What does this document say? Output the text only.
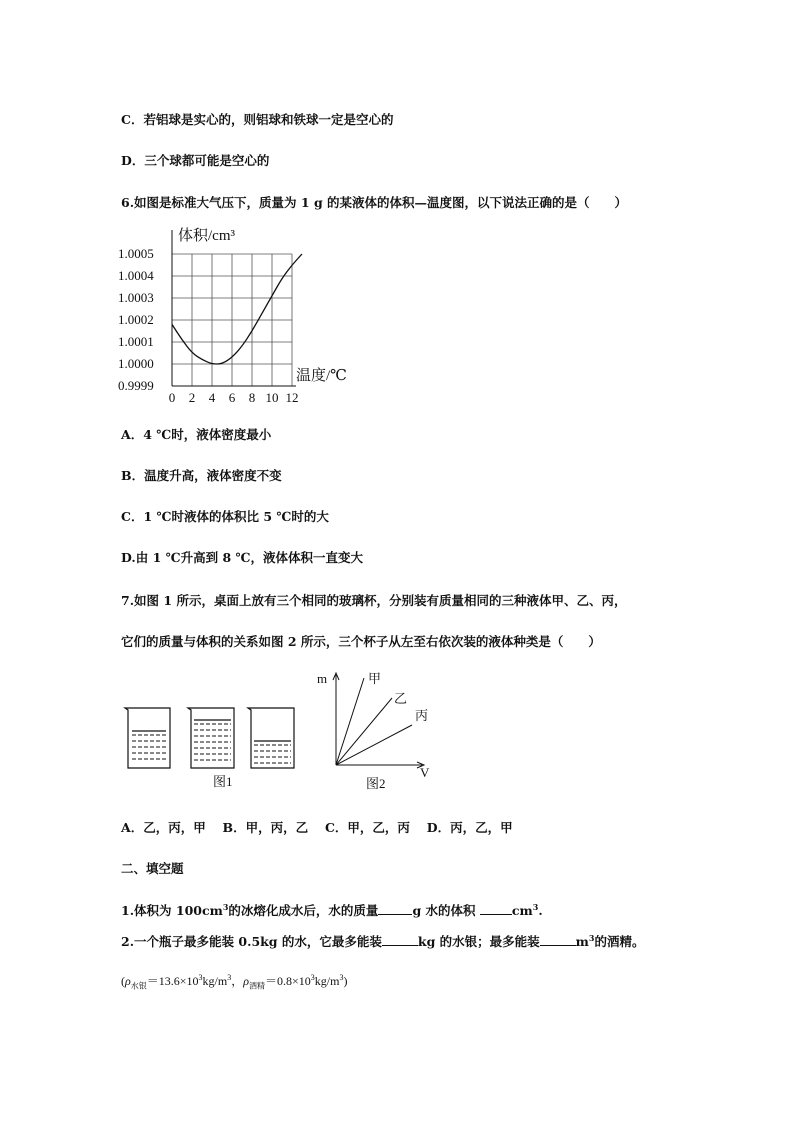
C．若铝球是实心的，则铝球和铁球一定是空心的
D．三个球都可能是空心的
6.如图是标准大气压下，质量为 1 g 的某液体的体积—温度图，以下说法正确的是（　　）
0 2 4 6 8 10 12
0.9999
1.0000
1.0001
1.0002
1.0003
1.0004
1.0005
体积/cm³
温度/℃
A．4 ℃时，液体密度最小
B．温度升高，液体密度不变
C．1 ℃时液体的体积比 5 ℃时的大
D.由 1 ℃升高到 8 ℃，液体体积一直变大
7.如图 1 所示，桌面上放有三个相同的玻璃杯，分别装有质量相同的三种液体甲、乙、丙，
它们的质量与体积的关系如图 2 所示，三个杯子从左至右依次装的液体种类是（　　）
图1
m
V
甲
乙
丙
图2
A．乙，丙，甲　 B．甲，丙，乙　 C．甲，乙，丙　 D．丙，乙，甲
二、填空题
1.体积为 $100cm^3$的冰熔化成水后，水的质量	g 水的体积	$cm^3$.
2.一个瓶子最多能装 0.5kg 的水，它最多能装	kg 的水银；最多能装	$m^3$的酒精。
($\rho_{水银}=13.6\times 10^3kg/m^3$，$\rho_{酒精}=0.8\times 10^3kg/m^3$)
